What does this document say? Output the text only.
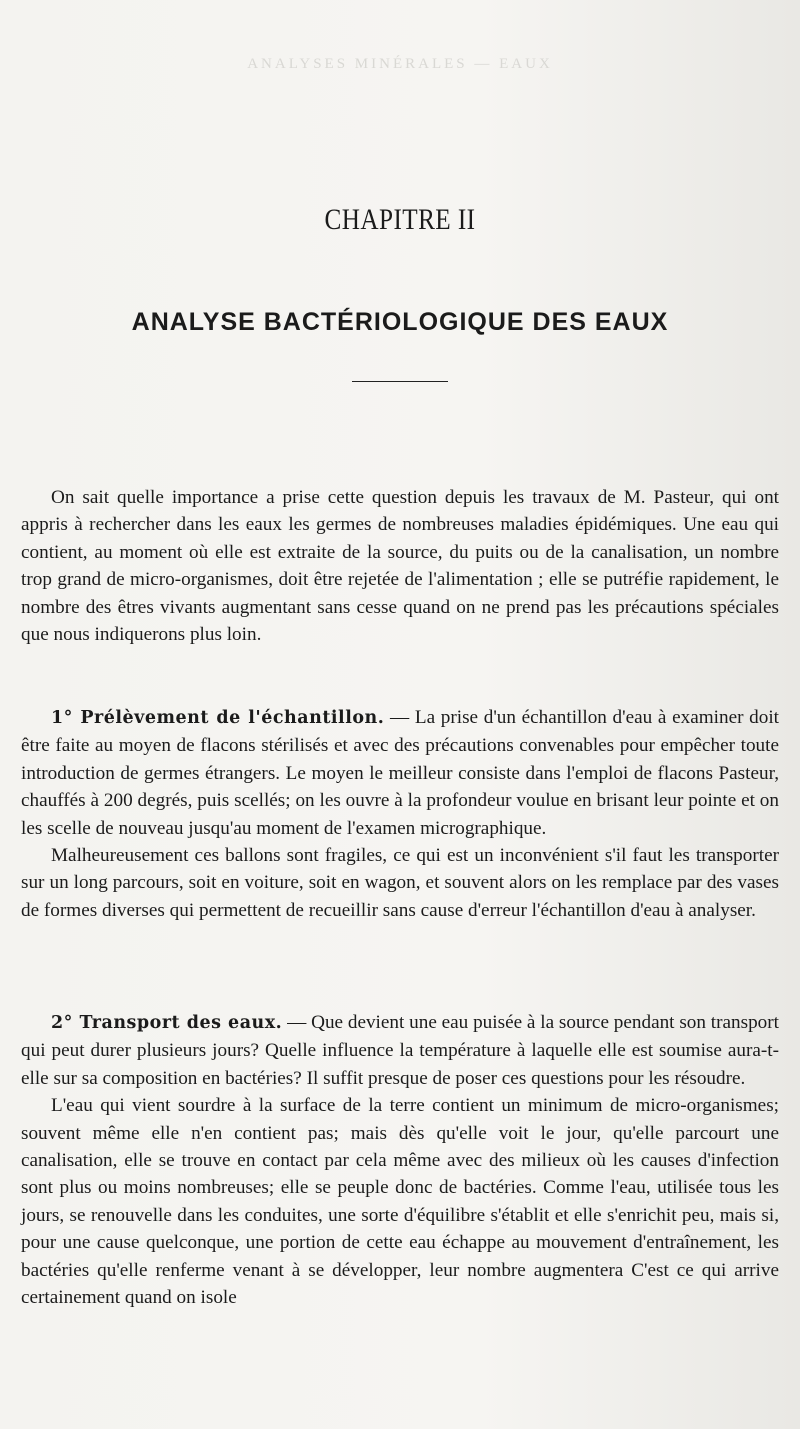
ANALYSES MINÉRALES — EAUX
CHAPITRE II
ANALYSE BACTÉRIOLOGIQUE DES EAUX

On sait quelle importance a prise cette question depuis les travaux de M. Pasteur, qui ont appris à rechercher dans les eaux les germes de nombreuses maladies épidémiques. Une eau qui contient, au moment où elle est extraite de la source, du puits ou de la canalisation, un nombre trop grand de micro-organismes, doit être rejetée de l'alimentation ; elle se putréfie rapidement, le nombre des êtres vivants augmentant sans cesse quand on ne prend pas les précautions spéciales que nous indiquerons plus loin.

1° Prélèvement de l'échantillon. — La prise d'un échantillon d'eau à examiner doit être faite au moyen de flacons stérilisés et avec des précautions convenables pour empêcher toute introduction de germes étrangers. Le moyen le meilleur consiste dans l'emploi de flacons Pasteur, chauffés à 200 degrés, puis scellés; on les ouvre à la profondeur voulue en brisant leur pointe et on les scelle de nouveau jusqu'au moment de l'examen micrographique.

Malheureusement ces ballons sont fragiles, ce qui est un inconvénient s'il faut les transporter sur un long parcours, soit en voiture, soit en wagon, et souvent alors on les remplace par des vases de formes diverses qui permettent de recueillir sans cause d'erreur l'échantillon d'eau à analyser.

2° Transport des eaux. — Que devient une eau puisée à la source pendant son transport qui peut durer plusieurs jours? Quelle influence la température à laquelle elle est soumise aura-t-elle sur sa composition en bactéries? Il suffit presque de poser ces questions pour les résoudre.

L'eau qui vient sourdre à la surface de la terre contient un minimum de micro-organismes; souvent même elle n'en contient pas; mais dès qu'elle voit le jour, qu'elle parcourt une canalisation, elle se trouve en contact par cela même avec des milieux où les causes d'infection sont plus ou moins nombreuses; elle se peuple donc de bactéries. Comme l'eau, utilisée tous les jours, se renouvelle dans les conduites, une sorte d'équilibre s'établit et elle s'enrichit peu, mais si, pour une cause quelconque, une portion de cette eau échappe au mouvement d'entraînement, les bactéries qu'elle renferme venant à se développer, leur nombre augmentera C'est ce qui arrive certainement quand on isole
